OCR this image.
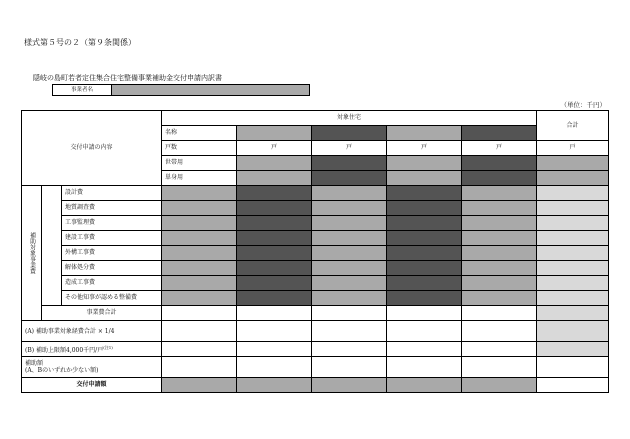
様式第５号の２（第９条関係）
隠岐の島町若者定住集合住宅整備事業補助金交付申請内訳書
事業者名
（単位：千円）
交付申請の内容			対象住宅					合計	
			名称						
			戸数	戸	戸	戸	戸	戸	
			世帯用						
			単身用						
補助対象事業費		設計費							
		地質調査費							
		工事監理費							
		建設工事費							
		外構工事費							
		解体処分費							
		造成工事費							
		その他知事が認める整備費							
	事業費合計								
(A) 補助事業対象経費合計 × 1/4									
(B) 補助上限額4,000千円/戸$^{(注1)}$						

補助額
(A、Bのいずれか少ない額)									

交付申請額									
